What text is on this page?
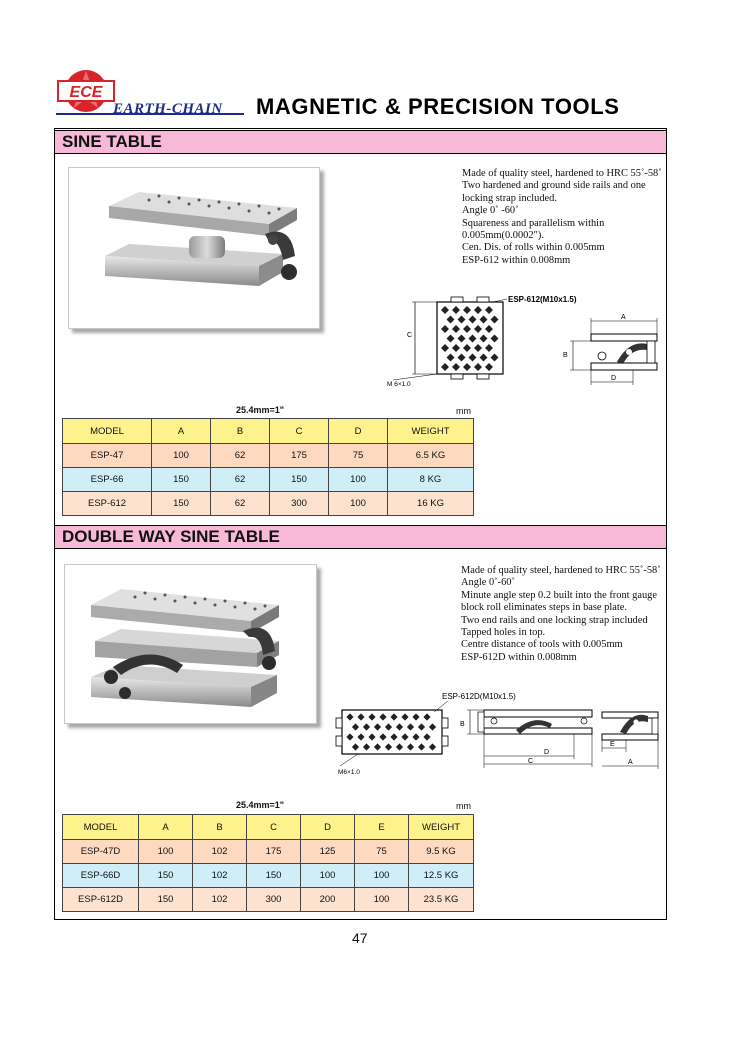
ECE
EARTH-CHAIN MAGNETIC & PRECISION TOOLS
SINE TABLE
Made of quality steel, hardened to HRC 55˚-58˚
Two hardened and ground side rails and one
locking strap included.
Angle 0˚ -60˚
Squareness and parallelism within
0.005mm(0.0002").
Cen. Dis. of rolls within 0.005mm
ESP-612 within 0.008mm
C
M 6×1.0
ESP-612(M10x1.5)
A
B
D
25.4mm=1"	mm
MODEL	A	B	C	D	WEIGHT
ESP-47	100	62	175	75	6.5 KG
ESP-66	150	62	150	100	8 KG
ESP-612	150	62	300	100	16 KG
DOUBLE WAY SINE TABLE
Made of quality steel, hardened to HRC 55˚-58˚
Angle 0˚-60˚
Minute angle step 0.2 built into the front gauge
block roll eliminates steps in base plate.
Two end rails and one locking strap included
Tapped holes in top.
Centre distance of tools with 0.005mm
ESP-612D within 0.008mm
M6×1.0
ESP-612D(M10x1.5)
B
D
C
E
A
25.4mm=1"	mm
MODEL	A	B	C	D	E	WEIGHT
ESP-47D	100	102	175	125	75	9.5 KG
ESP-66D	150	102	150	100	100	12.5 KG
ESP-612D	150	102	300	200	100	23.5 KG
47
